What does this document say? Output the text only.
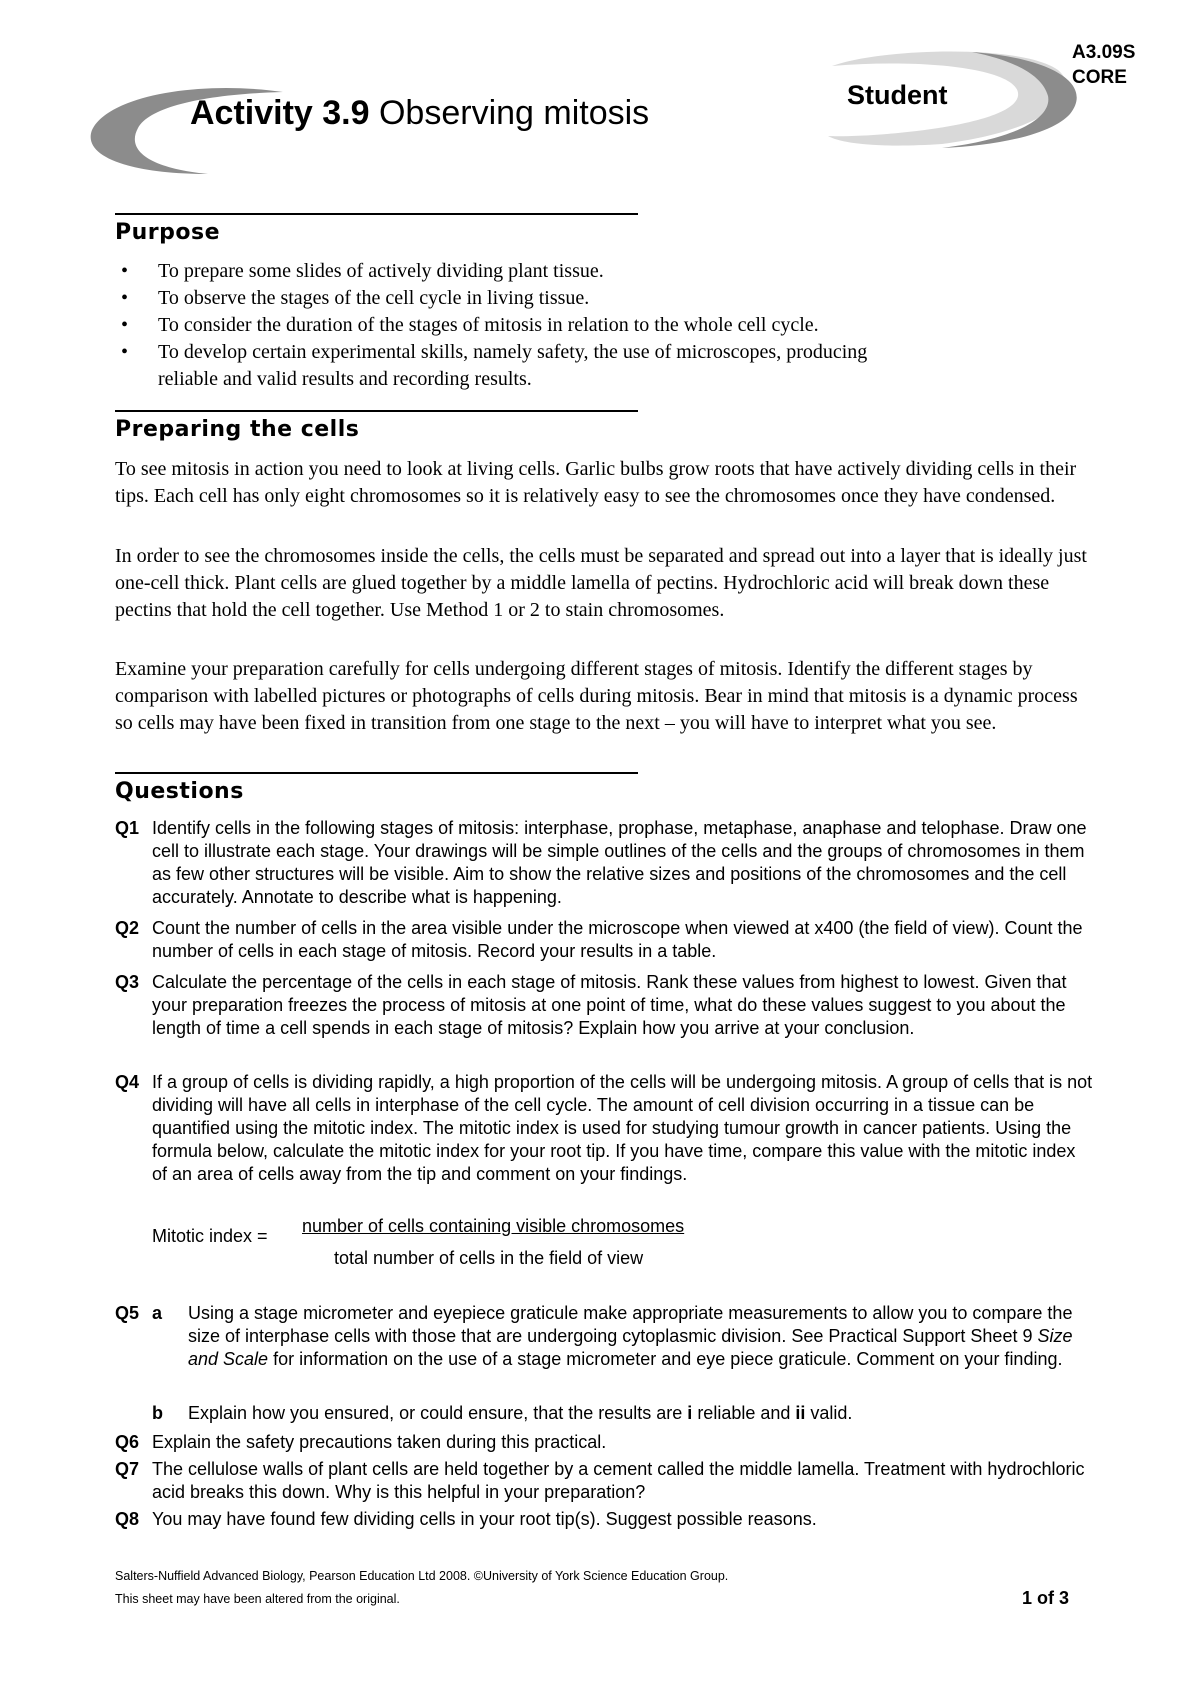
Activity 3.9 Observing mitosis	Student
A3.09S
CORE
Purpose
• To prepare some slides of actively dividing plant tissue.
• To observe the stages of the cell cycle in living tissue.
• To consider the duration of the stages of mitosis in relation to the whole cell cycle.
• To develop certain experimental skills, namely safety, the use of microscopes, producing reliable and valid results and recording results.
Preparing the cells

To see mitosis in action you need to look at living cells. Garlic bulbs grow roots that have actively dividing cells in their tips. Each cell has only eight chromosomes so it is relatively easy to see the chromosomes once they have condensed.

In order to see the chromosomes inside the cells, the cells must be separated and spread out into a layer that is ideally just one-cell thick. Plant cells are glued together by a middle lamella of pectins. Hydrochloric acid will break down these pectins that hold the cell together. Use Method 1 or 2 to stain chromosomes.

Examine your preparation carefully for cells undergoing different stages of mitosis. Identify the different stages by comparison with labelled pictures or photographs of cells during mitosis. Bear in mind that mitosis is a dynamic process so cells may have been fixed in transition from one stage to the next – you will have to interpret what you see.

Questions
Q1 Identify cells in the following stages of mitosis: interphase, prophase, metaphase, anaphase and telophase. Draw one cell to illustrate each stage. Your drawings will be simple outlines of the cells and the groups of chromosomes in them as few other structures will be visible. Aim to show the relative sizes and positions of the chromosomes and the cell accurately. Annotate to describe what is happening.
Q2 Count the number of cells in the area visible under the microscope when viewed at x400 (the field of view). Count the number of cells in each stage of mitosis. Record your results in a table.
Q3 Calculate the percentage of the cells in each stage of mitosis. Rank these values from highest to lowest. Given that your preparation freezes the process of mitosis at one point of time, what do these values suggest to you about the length of time a cell spends in each stage of mitosis? Explain how you arrive at your conclusion.
Q4 If a group of cells is dividing rapidly, a high proportion of the cells will be undergoing mitosis. A group of cells that is not dividing will have all cells in interphase of the cell cycle. The amount of cell division occurring in a tissue can be quantified using the mitotic index. The mitotic index is used for studying tumour growth in cancer patients. Using the formula below, calculate the mitotic index for your root tip. If you have time, compare this value with the mitotic index of an area of cells away from the tip and comment on your findings.
Mitotic index = number of cells containing visible chromosomes
total number of cells in the field of view
Q5 a Using a stage micrometer and eyepiece graticule make appropriate measurements to allow you to compare the size of interphase cells with those that are undergoing cytoplasmic division. See Practical Support Sheet 9 Size and Scale for information on the use of a stage micrometer and eye piece graticule. Comment on your finding.
b Explain how you ensured, or could ensure, that the results are i reliable and ii valid.
Q6 Explain the safety precautions taken during this practical.
Q7 The cellulose walls of plant cells are held together by a cement called the middle lamella. Treatment with hydrochloric acid breaks this down. Why is this helpful in your preparation?
Q8 You may have found few dividing cells in your root tip(s). Suggest possible reasons.
Salters-Nuffield Advanced Biology, Pearson Education Ltd 2008. ©University of York Science Education Group.
This sheet may have been altered from the original.	1 of 3
